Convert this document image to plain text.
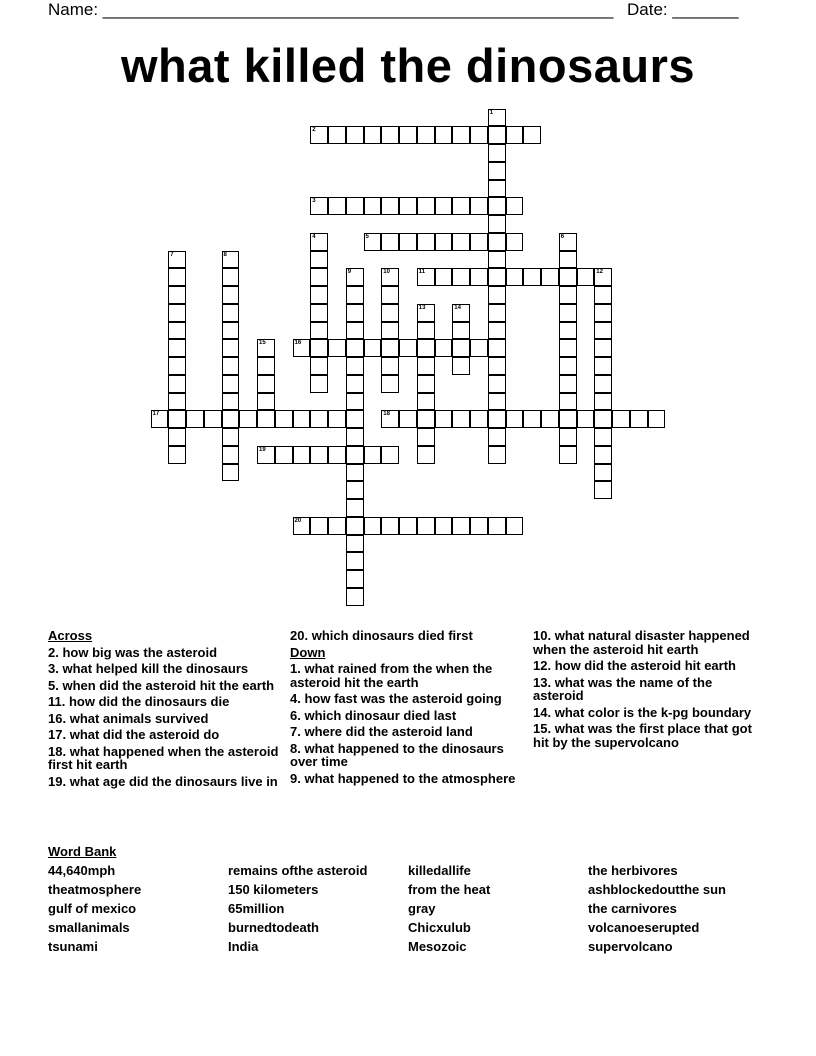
Name: ______________________________________________________ Date: _______
what killed the dinosaurs
2
3
5
11	12
16
17	18
19
20
1
4	6
7	8
9	10
13	14
15
Across
2. how big was the asteroid
3. what helped kill the dinosaurs
5. when did the asteroid hit the earth
11. how did the dinosaurs die
16. what animals survived
17. what did the asteroid do
18. what happened when the asteroid first hit earth
19. what age did the dinosaurs live in
20. which dinosaurs died first
Down
1. what rained from the when the asteroid hit the earth
4. how fast was the asteroid going
6. which dinosaur died last
7. where did the asteroid land
8. what happened to the dinosaurs over time
9. what happened to the atmosphere
10. what natural disaster happened when the asteroid hit earth
12. how did the asteroid hit earth
13. what was the name of the asteroid
14. what color is the k-pg boundary
15. what was the first place that got hit by the supervolcano
Word Bank
44,640mph	remains ofthe asteroid	killedallife	the herbivores
theatmosphere	150 kilometers	from the heat	ashblockedoutthe sun
gulf of mexico	65million	gray	the carnivores
smallanimals	burnedtodeath	Chicxulub	volcanoeserupted
tsunami	India	Mesozoic	supervolcano
